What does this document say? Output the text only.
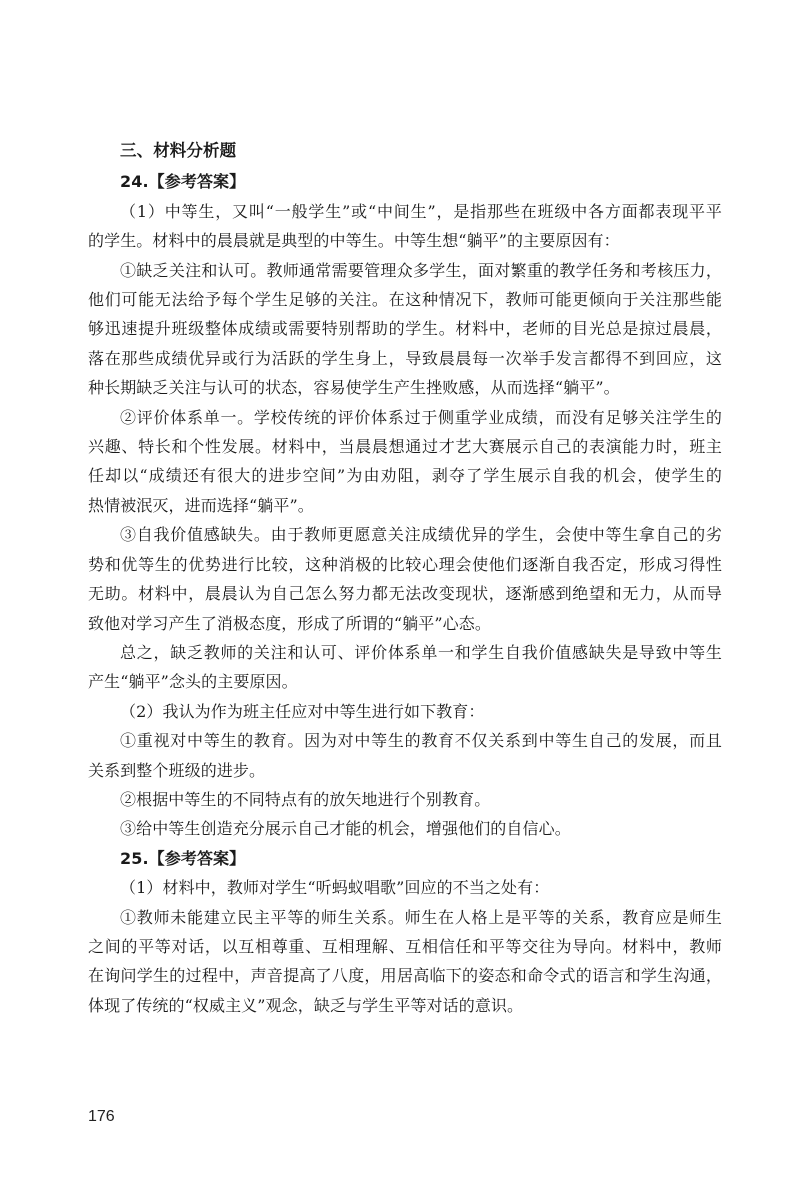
三、材料分析题
24.【参考答案】
（1）中等生，又叫“一般学生”或“中间生”，是指那些在班级中各方面都表现平平
的学生。材料中的晨晨就是典型的中等生。中等生想“躺平”的主要原因有：
①缺乏关注和认可。教师通常需要管理众多学生，面对繁重的教学任务和考核压力，
他们可能无法给予每个学生足够的关注。在这种情况下，教师可能更倾向于关注那些能
够迅速提升班级整体成绩或需要特别帮助的学生。材料中，老师的目光总是掠过晨晨，
落在那些成绩优异或行为活跃的学生身上，导致晨晨每一次举手发言都得不到回应，这
种长期缺乏关注与认可的状态，容易使学生产生挫败感，从而选择“躺平”。
②评价体系单一。学校传统的评价体系过于侧重学业成绩，而没有足够关注学生的
兴趣、特长和个性发展。材料中，当晨晨想通过才艺大赛展示自己的表演能力时，班主
任却以“成绩还有很大的进步空间”为由劝阻，剥夺了学生展示自我的机会，使学生的
热情被泯灭，进而选择“躺平”。
③自我价值感缺失。由于教师更愿意关注成绩优异的学生，会使中等生拿自己的劣
势和优等生的优势进行比较，这种消极的比较心理会使他们逐渐自我否定，形成习得性
无助。材料中，晨晨认为自己怎么努力都无法改变现状，逐渐感到绝望和无力，从而导
致他对学习产生了消极态度，形成了所谓的“躺平”心态。
总之，缺乏教师的关注和认可、评价体系单一和学生自我价值感缺失是导致中等生
产生“躺平”念头的主要原因。
（2）我认为作为班主任应对中等生进行如下教育：
①重视对中等生的教育。因为对中等生的教育不仅关系到中等生自己的发展，而且
关系到整个班级的进步。
②根据中等生的不同特点有的放矢地进行个别教育。
③给中等生创造充分展示自己才能的机会，增强他们的自信心。
25.【参考答案】
（1）材料中，教师对学生“听蚂蚁唱歌”回应的不当之处有：
①教师未能建立民主平等的师生关系。师生在人格上是平等的关系，教育应是师生
之间的平等对话，以互相尊重、互相理解、互相信任和平等交往为导向。材料中，教师
在询问学生的过程中，声音提高了八度，用居高临下的姿态和命令式的语言和学生沟通，
体现了传统的“权威主义”观念，缺乏与学生平等对话的意识。
176
